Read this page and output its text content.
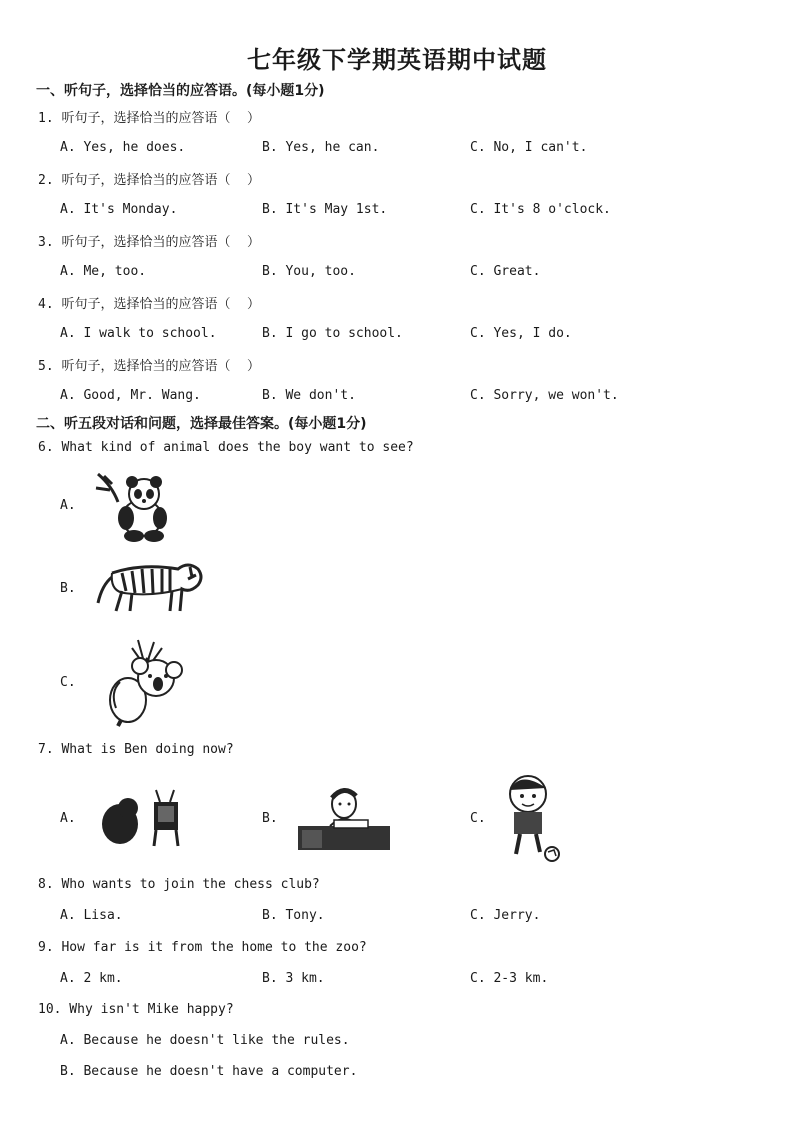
七年级下学期英语期中试题
一、听句子，选择恰当的应答语。(每小题1分)
1. 听句子，选择恰当的应答语（    ）
A. Yes, he does.	B. Yes, he can.	C. No, I can't.
2. 听句子，选择恰当的应答语（    ）
A. It's Monday.	B. It's May 1st.	C. It's 8 o'clock.
3. 听句子，选择恰当的应答语（    ）
A. Me, too.	B. You, too.	C. Great.
4. 听句子，选择恰当的应答语（    ）
A. I walk to school.	B. I go to school.	C. Yes, I do.
5. 听句子，选择恰当的应答语（    ）
A. Good, Mr. Wang.	B. We don't.	C. Sorry, we won't.
二、听五段对话和问题，选择最佳答案。(每小题1分)
6. What kind of animal does the boy want to see?
A.
B.
C.
7. What is Ben doing now?
A.	B.	C.
8. Who wants to join the chess club?
A. Lisa.	B. Tony.	C. Jerry.
9. How far is it from the home to the zoo?
A. 2 km.	B. 3 km.	C. 2-3 km.
10. Why isn't Mike happy?
A. Because he doesn't like the rules.
B. Because he doesn't have a computer.
